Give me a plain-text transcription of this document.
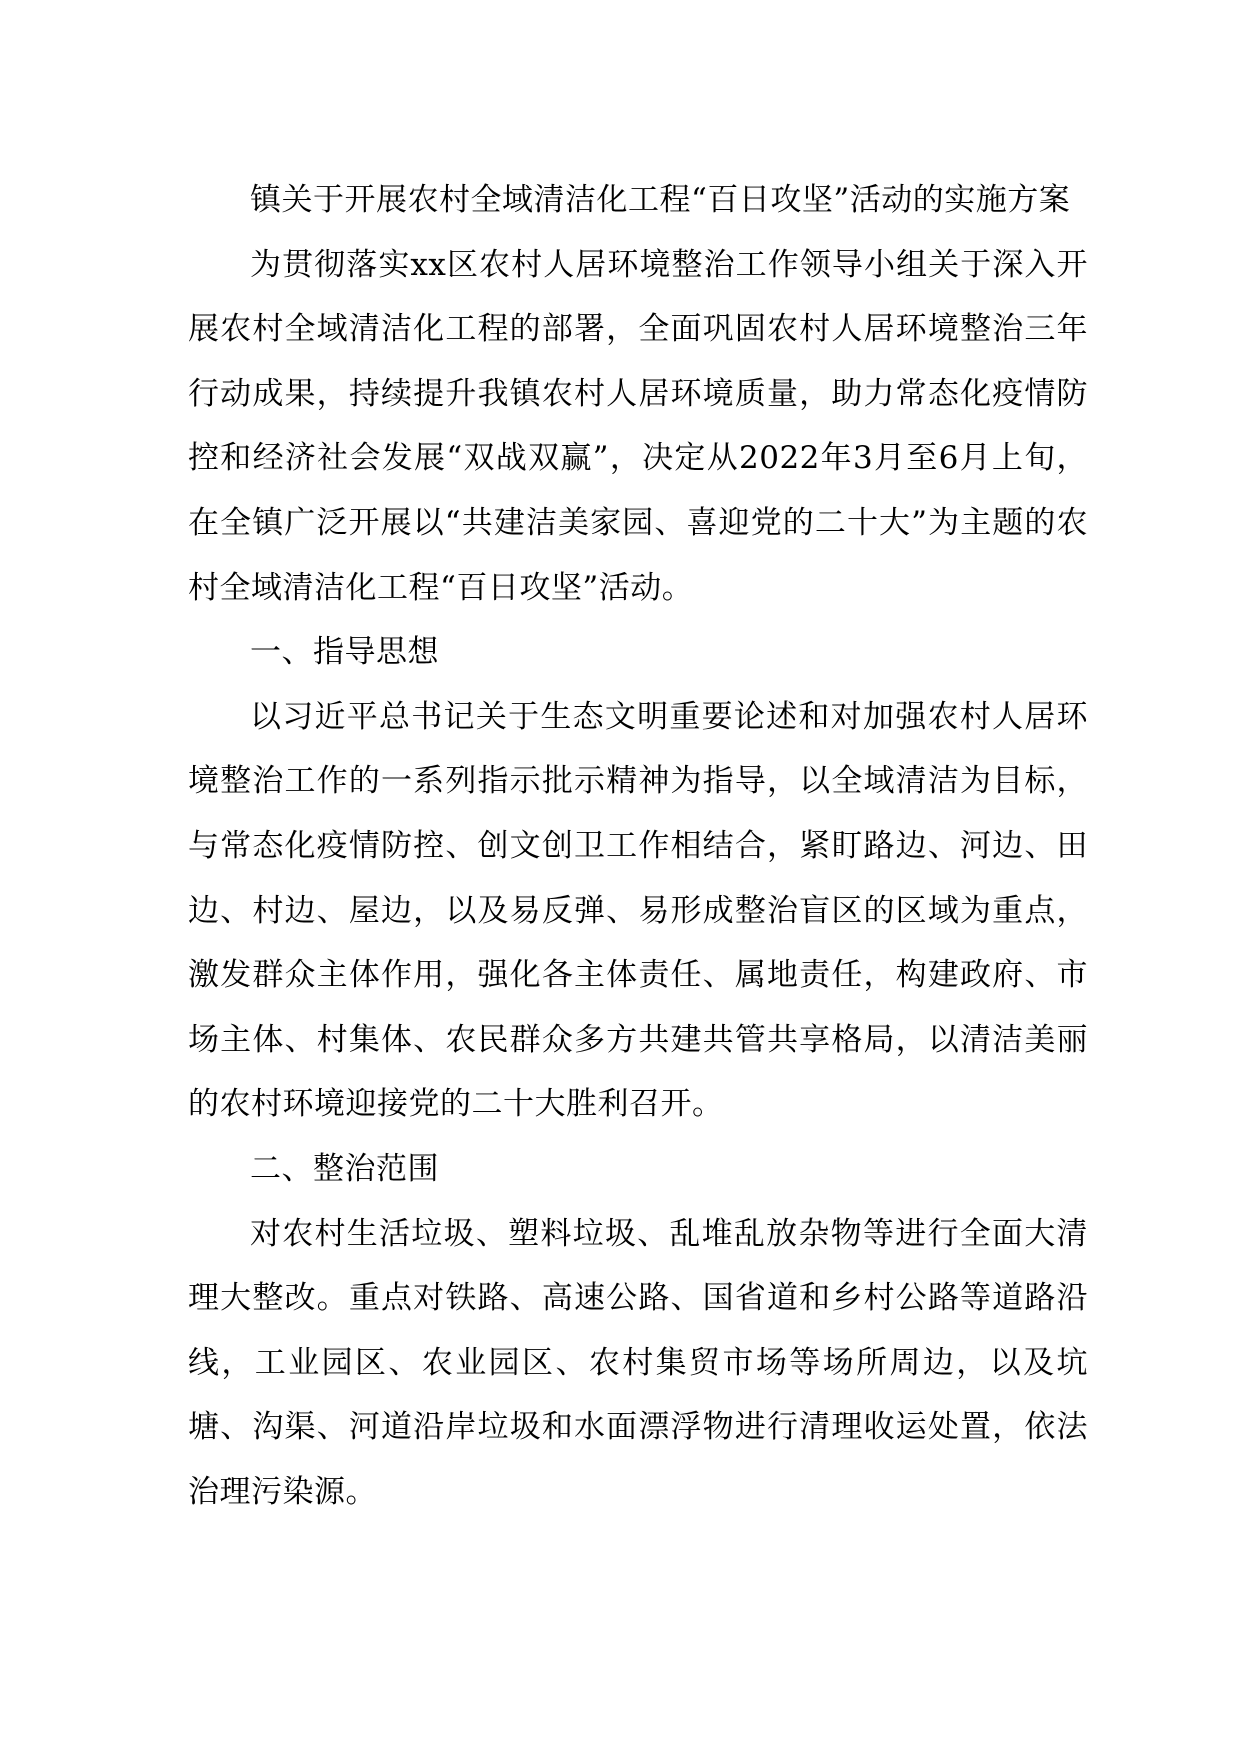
镇关于开展农村全域清洁化工程“百日攻坚”活动的实施方案

为贯彻落实xx区农村人居环境整治工作领导小组关于深入开展农村全域清洁化工程的部署，全面巩固农村人居环境整治三年行动成果，持续提升我镇农村人居环境质量，助力常态化疫情防控和经济社会发展“双战双赢”，决定从2022年3月至6月上旬，在全镇广泛开展以“共建洁美家园、喜迎党的二十大”为主题的农村全域清洁化工程“百日攻坚”活动。

一、指导思想

以习近平总书记关于生态文明重要论述和对加强农村人居环境整治工作的一系列指示批示精神为指导，以全域清洁为目标，与常态化疫情防控、创文创卫工作相结合，紧盯路边、河边、田边、村边、屋边，以及易反弹、易形成整治盲区的区域为重点，激发群众主体作用，强化各主体责任、属地责任，构建政府、市场主体、村集体、农民群众多方共建共管共享格局，以清洁美丽的农村环境迎接党的二十大胜利召开。

二、整治范围

对农村生活垃圾、塑料垃圾、乱堆乱放杂物等进行全面大清理大整改。重点对铁路、高速公路、国省道和乡村公路等道路沿线，工业园区、农业园区、农村集贸市场等场所周边，以及坑塘、沟渠、河道沿岸垃圾和水面漂浮物进行清理收运处置，依法治理污染源。
